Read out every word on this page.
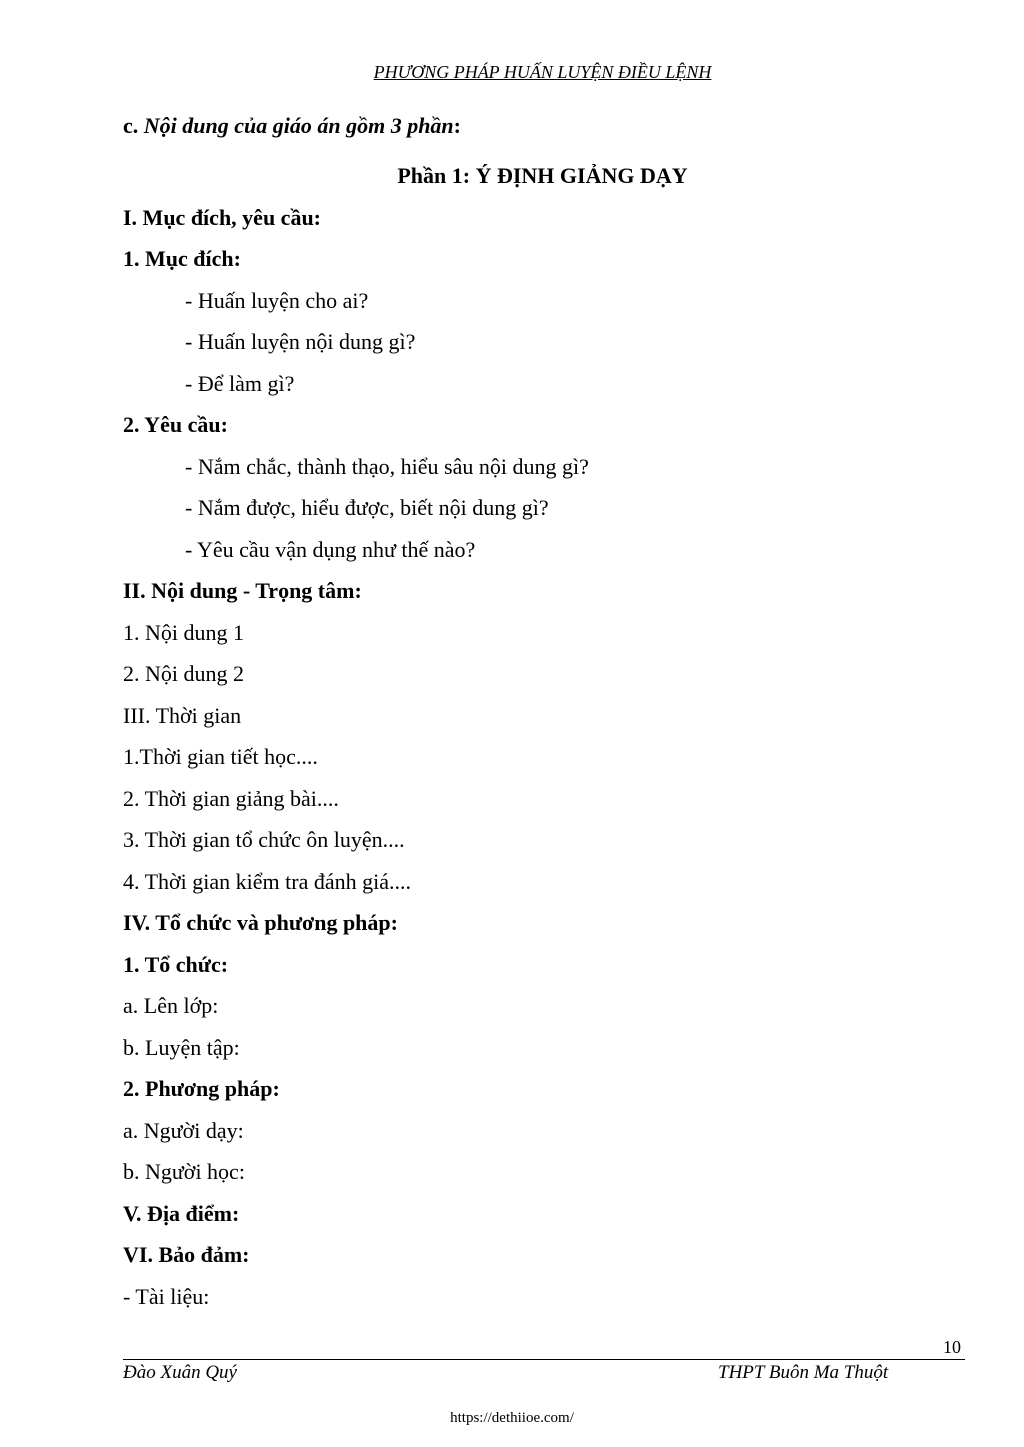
PHƯƠNG PHÁP HUẤN LUYỆN ĐIỀU LỆNH
c. Nội dung của giáo án gồm 3 phần:
Phần 1: Ý ĐỊNH GIẢNG DẠY
I. Mục đích, yêu cầu:
1. Mục đích:
- Huấn luyện cho ai?
- Huấn luyện nội dung gì?
- Để làm gì?
2. Yêu cầu:
- Nắm chắc, thành thạo, hiểu sâu nội dung gì?
- Nắm được, hiểu được, biết nội dung gì?
- Yêu cầu vận dụng như thế nào?
II. Nội dung - Trọng tâm:
1. Nội dung 1
2. Nội dung 2
III. Thời gian
1.Thời gian tiết học....
2. Thời gian giảng bài....
3. Thời gian tổ chức ôn luyện....
4. Thời gian kiểm tra đánh giá....
IV. Tổ chức và phương pháp:
1. Tổ chức:
a. Lên lớp:
b. Luyện tập:
2. Phương pháp:
a. Người dạy:
b. Người học:
V. Địa điểm:
VI. Bảo đảm:
- Tài liệu:
10
Đào Xuân Quý	THPT Buôn Ma Thuột
https://dethiioe.com/
